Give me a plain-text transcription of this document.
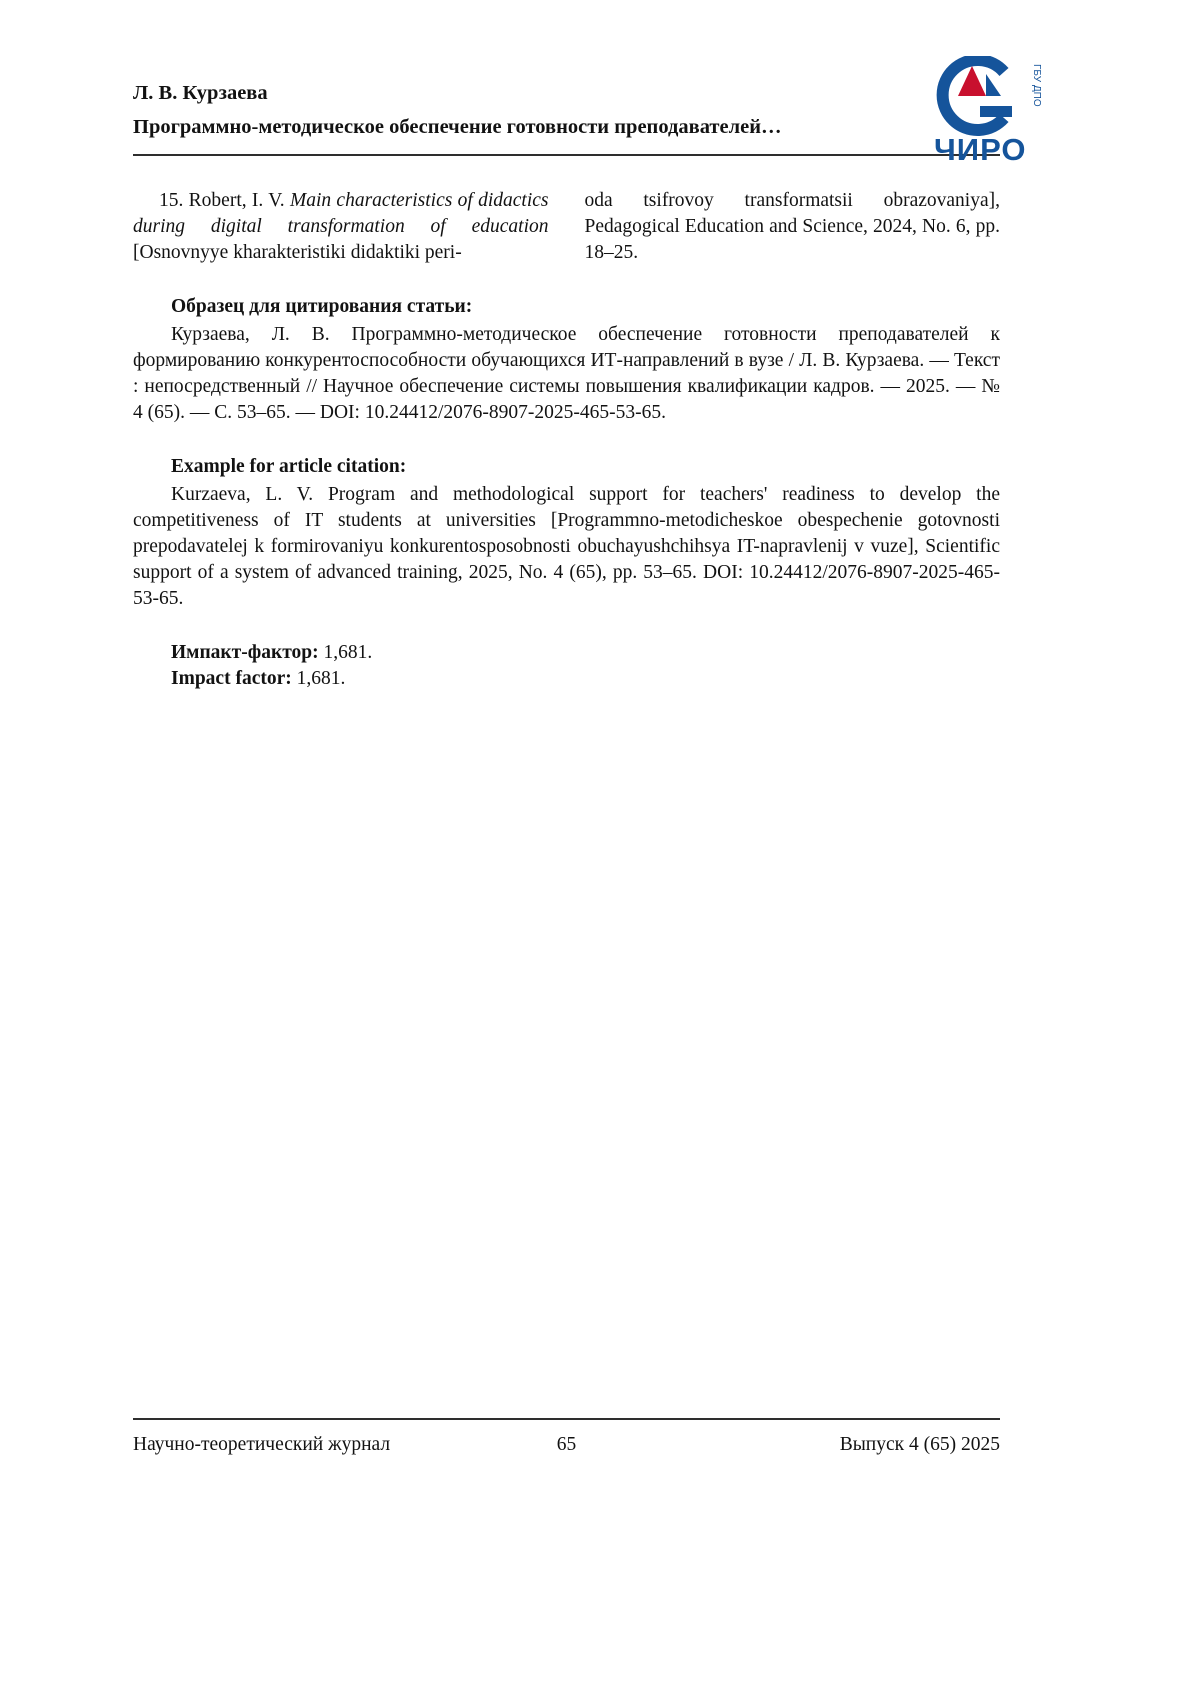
Л. В. Курзаева
Программно-методическое обеспечение готовности преподавателей…
ЧИРО
ГБУ ДПО

15. Robert, I. V. Main characteristics of didactics during digital transformation of education [Osnovnyye kharakteristiki didaktiki peri-

oda tsifrovoy transformatsii obrazovaniya], Pedagogical Education and Science, 2024, No. 6, pp. 18–25.

Образец для цитирования статьи:

Курзаева, Л. В. Программно-методическое обеспечение готовности преподавателей к формированию конкурентоспособности обучающихся ИТ-направлений в вузе / Л. В. Курзаева. — Текст : непосредственный // Научное обеспечение системы повышения квалификации кадров. — 2025. — № 4 (65). — С. 53–65. — DOI: 10.24412/2076-8907-2025-465-53-65.

Example for article citation:

Kurzaeva, L. V. Program and methodological support for teachers' readiness to develop the competitiveness of IT students at universities [Programmno-metodicheskoe obespechenie gotovnosti prepodavatelej k formirovaniyu konkurentosposobnosti obuchayushchihsya IT-napravlenij v vuze], Scientific support of a system of advanced training, 2025, No. 4 (65), pp. 53–65. DOI: 10.24412/2076-8907-2025-465-53-65.

Импакт-фактор: 1,681.

Impact factor: 1,681.

Научно-теоретический журнал	65	Выпуск 4 (65) 2025
